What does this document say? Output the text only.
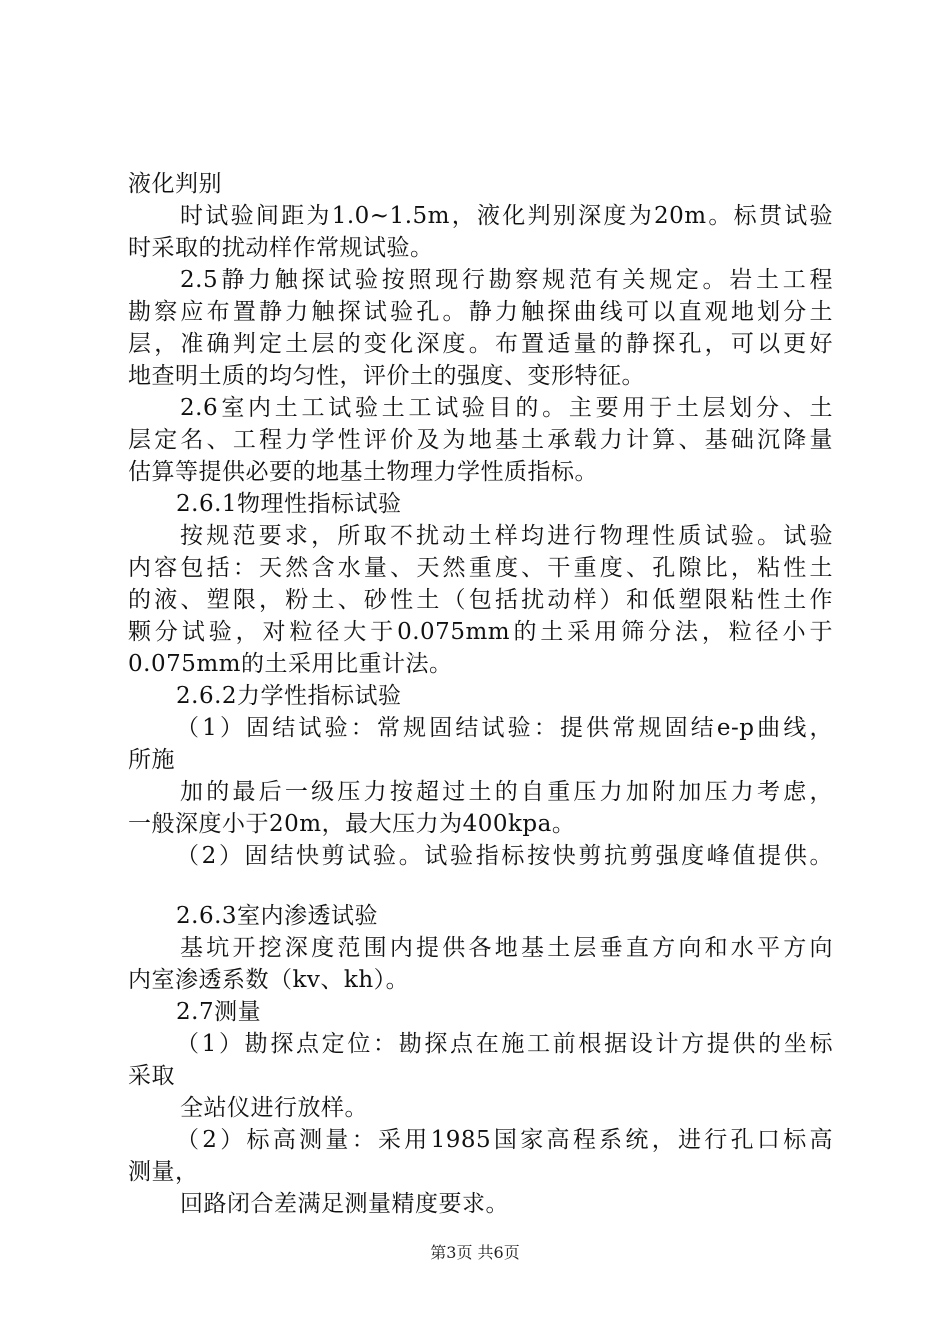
液化判别
时试验间距为1.0~1.5m，液化判别深度为20m。标贯试验
时采取的扰动样作常规试验。
2.5静力触探试验按照现行勘察规范有关规定。岩土工程
勘察应布置静力触探试验孔。静力触探曲线可以直观地划分土
层，准确判定土层的变化深度。布置适量的静探孔，可以更好
地查明土质的均匀性，评价土的强度、变形特征。
2.6室内土工试验土工试验目的。主要用于土层划分、土
层定名、工程力学性评价及为地基土承载力计算、基础沉降量
估算等提供必要的地基土物理力学性质指标。
2.6.1物理性指标试验
按规范要求，所取不扰动土样均进行物理性质试验。试验
内容包括：天然含水量、天然重度、干重度、孔隙比，粘性土
的液、塑限，粉土、砂性土（包括扰动样）和低塑限粘性土作
颗分试验，对粒径大于0.075mm的土采用筛分法，粒径小于
0.075mm的土采用比重计法。
2.6.2力学性指标试验
（1）固结试验：常规固结试验：提供常规固结e-p曲线，
所施
加的最后一级压力按超过土的自重压力加附加压力考虑，
一般深度小于20m，最大压力为400kpa。
（2）固结快剪试验。试验指标按快剪抗剪强度峰值提供。
2.6.3室内渗透试验
基坑开挖深度范围内提供各地基土层垂直方向和水平方向
内室渗透系数（kv、kh）。
2.7测量
（1）勘探点定位：勘探点在施工前根据设计方提供的坐标
采取
全站仪进行放样。
（2）标高测量：采用1985国家高程系统，进行孔口标高
测量，
回路闭合差满足测量精度要求。
第3页 共6页
